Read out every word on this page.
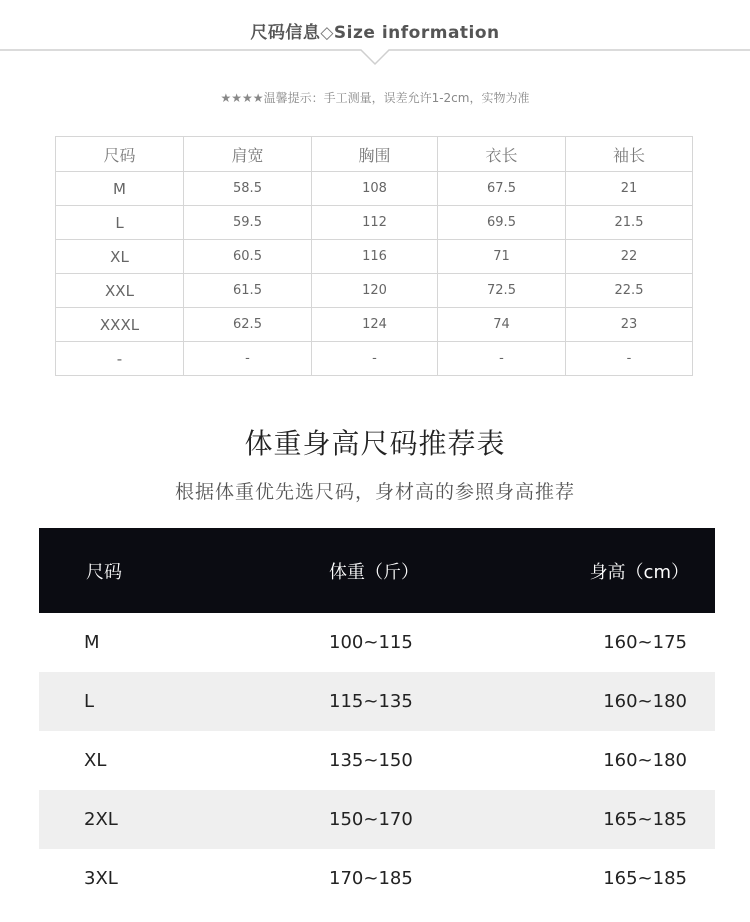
尺码信息◇Size information
★★★★温馨提示：手工测量，误差允许1-2cm，实物为准
尺码	肩宽	胸围	衣长	袖长
M	58.5	108	67.5	21
L	59.5	112	69.5	21.5
XL	60.5	116	71	22
XXL	61.5	120	72.5	22.5
XXXL	62.5	124	74	23
-	-	-	-	-
体重身高尺码推荐表
根据体重优先选尺码，身材高的参照身高推荐
尺码	体重（斤）	身高（cm）
M	100~115	160~175
L	115~135	160~180
XL	135~150	160~180
2XL	150~170	165~185
3XL	170~185	165~185
